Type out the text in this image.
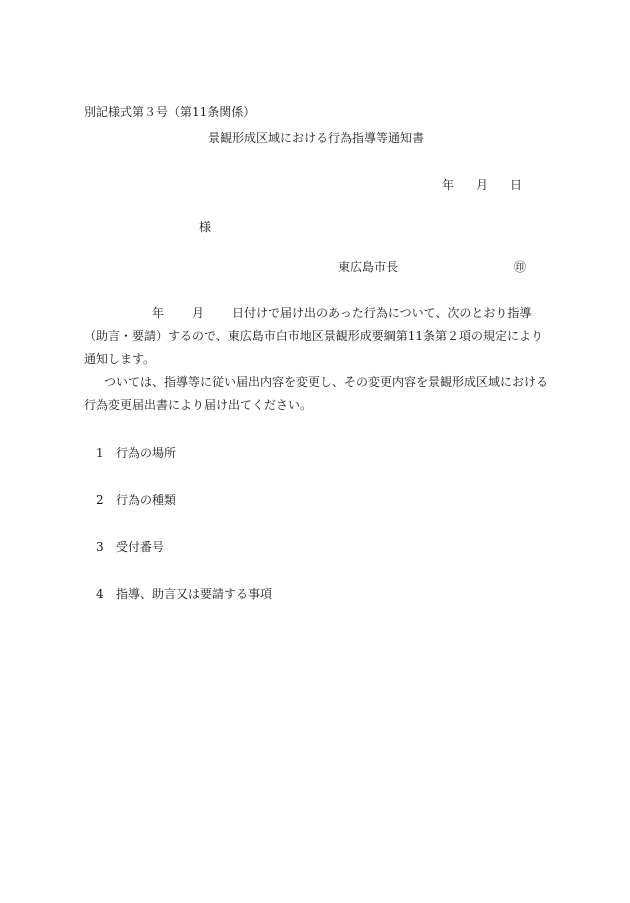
別記様式第３号（第11条関係）
景観形成区域における行為指導等通知書
年 月 日
様
東広島市長	㊞

年 月 日付けで届け出のあった行為について、次のとおり指導（助言・要請）するので、東広島市白市地区景観形成要綱第11条第２項の規定により通知します。

ついては、指導等に従い届出内容を変更し、その変更内容を景観形成区域における行為変更届出書により届け出てください。

1 行為の場所
2 行為の種類
3 受付番号
4 指導、助言又は要請する事項
